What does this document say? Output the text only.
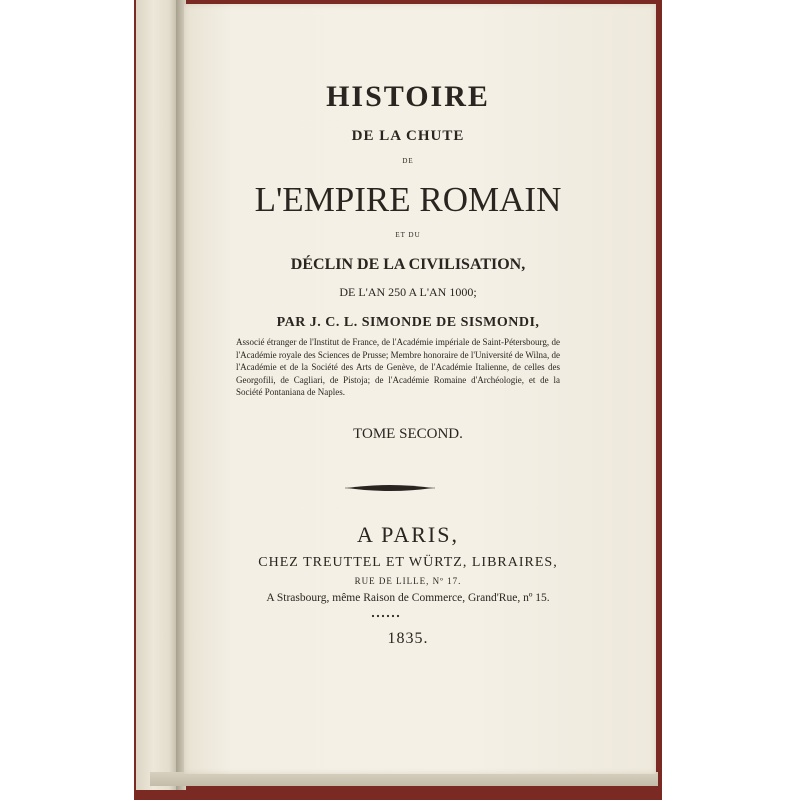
HISTOIRE
DE LA CHUTE
DE
L'EMPIRE ROMAIN
ET DU
DÉCLIN DE LA CIVILISATION,
DE L'AN 250 A L'AN 1000;
PAR J. C. L. SIMONDE DE SISMONDI,
Associé étranger de l'Institut de France, de l'Académie impériale de Saint-Pétersbourg, de l'Académie royale des Sciences de Prusse; Membre honoraire de l'Université de Wilna, de l'Académie et de la Société des Arts de Genève, de l'Académie Italienne, de celles des Georgofili, de Cagliari, de Pistoja; de l'Académie Romaine d'Archéologie, et de la Société Pontaniana de Naples.
TOME SECOND.
A PARIS,
CHEZ TREUTTEL ET WÜRTZ, LIBRAIRES,
RUE DE LILLE, Nº 17.
A Strasbourg, même Raison de Commerce, Grand'Rue, nº 15.
1835.
